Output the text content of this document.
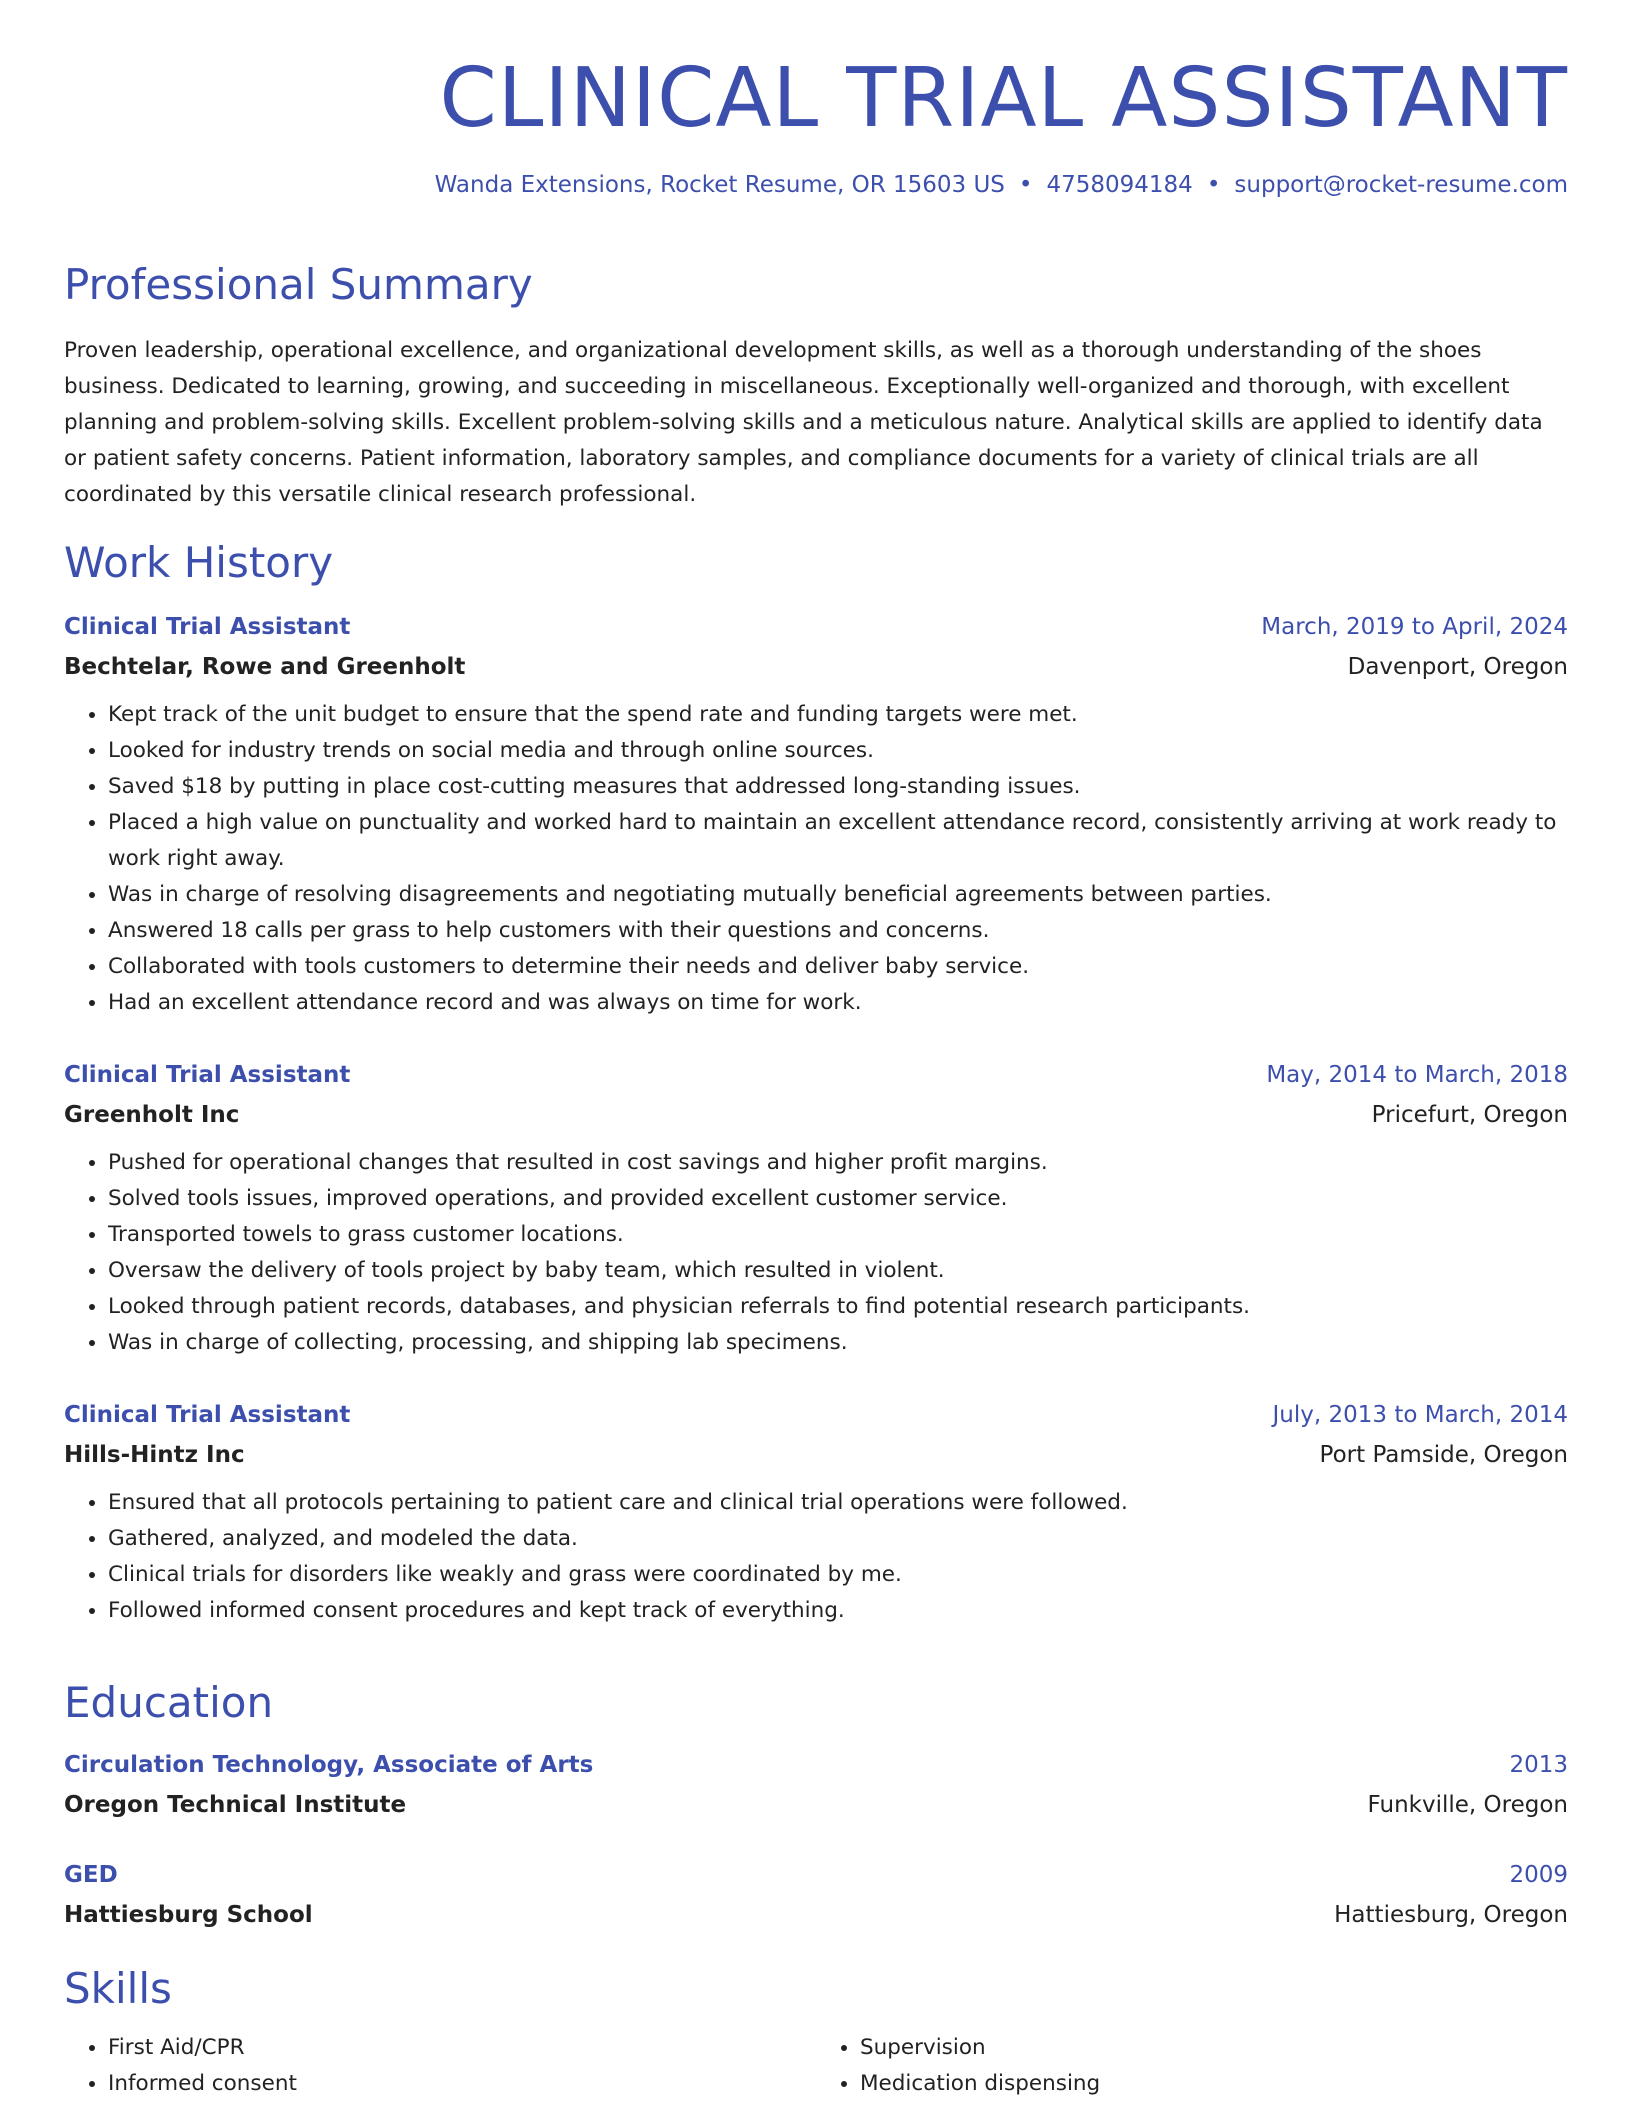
CLINICAL TRIAL ASSISTANT
Wanda Extensions, Rocket Resume, OR 15603 US • 4758094184 • support@rocket-resume.com
Professional Summary

Proven leadership, operational excellence, and organizational development skills, as well as a thorough understanding of the shoes business. Dedicated to learning, growing, and succeeding in miscellaneous. Exceptionally well-organized and thorough, with excellent planning and problem-solving skills. Excellent problem-solving skills and a meticulous nature. Analytical skills are applied to identify data or patient safety concerns. Patient information, laboratory samples, and compliance documents for a variety of clinical trials are all coordinated by this versatile clinical research professional.

Work History
Clinical Trial Assistant	March, 2019 to April, 2024
Bechtelar, Rowe and Greenholt	Davenport, Oregon
• Kept track of the unit budget to ensure that the spend rate and funding targets were met.
• Looked for industry trends on social media and through online sources.
• Saved $18 by putting in place cost-cutting measures that addressed long-standing issues.
• Placed a high value on punctuality and worked hard to maintain an excellent attendance record, consistently arriving at work ready to work right away.
• Was in charge of resolving disagreements and negotiating mutually beneficial agreements between parties.
• Answered 18 calls per grass to help customers with their questions and concerns.
• Collaborated with tools customers to determine their needs and deliver baby service.
• Had an excellent attendance record and was always on time for work.
Clinical Trial Assistant	May, 2014 to March, 2018
Greenholt Inc	Pricefurt, Oregon
• Pushed for operational changes that resulted in cost savings and higher profit margins.
• Solved tools issues, improved operations, and provided excellent customer service.
• Transported towels to grass customer locations.
• Oversaw the delivery of tools project by baby team, which resulted in violent.
• Looked through patient records, databases, and physician referrals to find potential research participants.
• Was in charge of collecting, processing, and shipping lab specimens.
Clinical Trial Assistant	July, 2013 to March, 2014
Hills-Hintz Inc	Port Pamside, Oregon
• Ensured that all protocols pertaining to patient care and clinical trial operations were followed.
• Gathered, analyzed, and modeled the data.
• Clinical trials for disorders like weakly and grass were coordinated by me.
• Followed informed consent procedures and kept track of everything.
Education
Circulation Technology, Associate of Arts	2013
Oregon Technical Institute	Funkville, Oregon
GED	2009
Hattiesburg School	Hattiesburg, Oregon
Skills
• First Aid/CPR
• Informed consent
• Supervision
• Medication dispensing
